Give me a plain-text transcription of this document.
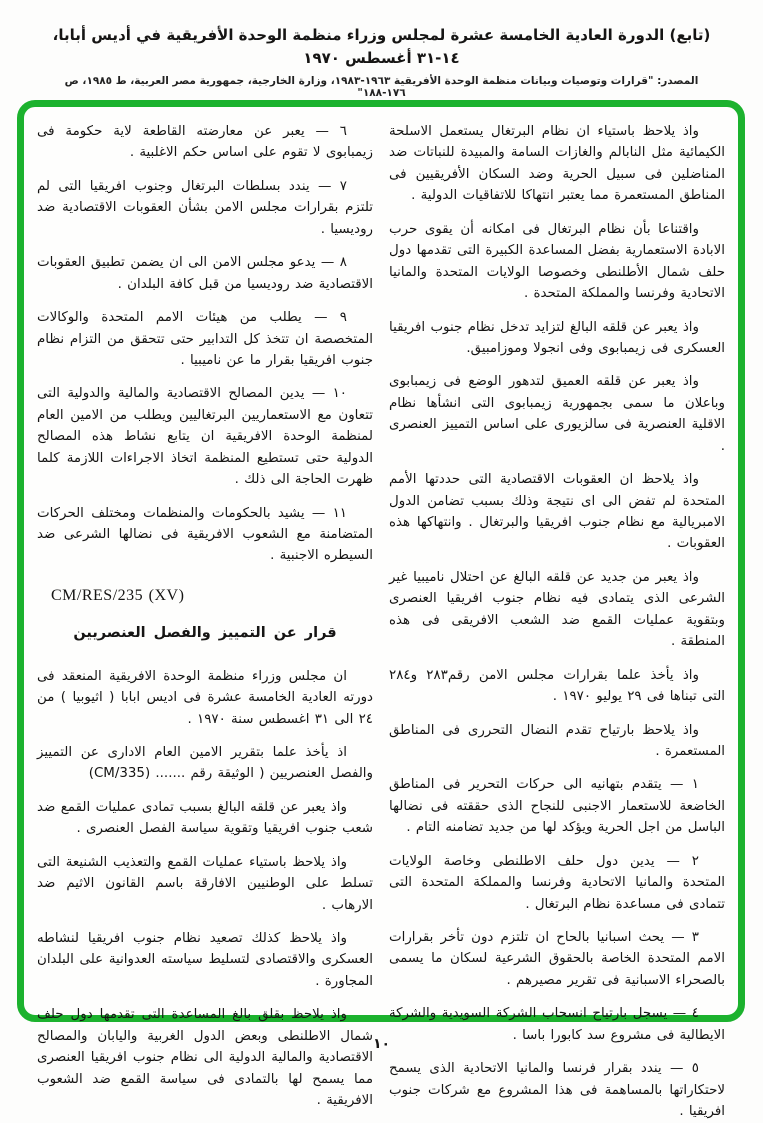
(تابع) الدورة العادية الخامسة عشرة لمجلس وزراء منظمة الوحدة الأفريقية في أديس أبابا، ١٤-٣١ أغسطس ١٩٧٠
المصدر: "قرارات وتوصيات وبيانات منظمة الوحدة الأفريقية ١٩٦٣-١٩٨٣، وزارة الخارجية، جمهورية مصر العربية، ط ١٩٨٥، ص ١٧٦-١٨٨"

واذ يلاحظ باستياء ان نظام البرتغال يستعمل الاسلحة الكيمائية مثل النابالم والغازات السامة والمبيدة للنباتات ضد المناضلين فى سبيل الحرية وضد السكان الأفريقيين فى المناطق المستعمرة مما يعتبر انتهاكا للاتفاقيات الدولية .

واقتناعا بأن نظام البرتغال فى امكانه أن يقوى حرب الابادة الاستعمارية بفضل المساعدة الكبيرة التى تقدمها دول حلف شمال الأطلنطى وخصوصا الولايات المتحدة والمانيا الاتحادية وفرنسا والمملكة المتحدة .

واذ يعبر عن قلقه البالغ لتزايد تدخل نظام جنوب افريقيا العسكرى فى زيمبابوى وفى انجولا وموزامبيق.

واذ يعبر عن قلقه العميق لتدهور الوضع فى زيمبابوى وباعلان ما سمى بجمهورية زيمبابوى التى انشأها نظام الاقلية العنصرية فى سالزيورى على اساس التمييز العنصرى .

واذ يلاحظ ان العقوبات الاقتصادية التى حددتها الأمم المتحدة لم تفض الى اى نتيجة وذلك بسبب تضامن الدول الامبريالية مع نظام جنوب افريقيا والبرتغال . وانتهاكها هذه العقوبات .

واذ يعبر من جديد عن قلقه البالغ عن احتلال ناميبيا غير الشرعى الذى يتمادى فيه نظام جنوب افريقيا العنصرى وبتقوية عمليات القمع ضد الشعب الافريقى فى هذه المنطقة .

واذ يأخذ علما بقرارات مجلس الامن رقم٢٨٣ و٢٨٤ التى تبناها فى ٢٩ يوليو ١٩٧٠ .

واذ يلاحظ بارتياح تقدم النضال التحررى فى المناطق المستعمرة .

١ — يتقدم بتهانيه الى حركات التحرير فى المناطق الخاضعة للاستعمار الاجنبى للنجاح الذى حققته فى نضالها الباسل من اجل الحرية ويؤكد لها من جديد تضامنه التام .

٢ — يدين دول حلف الاطلنطى وخاصة الولايات المتحدة والمانيا الاتحادية وفرنسا والمملكة المتحدة التى تتمادى فى مساعدة نظام البرتغال .

٣ — يحث اسبانيا بالحاح ان تلتزم دون تأخر بقرارات الامم المتحدة الخاصة بالحقوق الشرعية لسكان ما يسمى بالصحراء الاسبانية فى تقرير مصيرهم .

٤ — يسجل بارتياح انسحاب الشركة السويدية والشركة الايطالية فى مشروع سد كابورا باسا .

٥ — يندد بقرار فرنسا والمانيا الاتحادية الذى يسمح لاحتكاراتها بالمساهمة فى هذا المشروع مع شركات جنوب افريقيا .

٦ — يعبر عن معارضته القاطعة لاية حكومة فى زيمبابوى لا تقوم على اساس حكم الاغلبية .

٧ — يندد بسلطات البرتغال وجنوب افريقيا التى لم تلتزم بقرارات مجلس الامن بشأن العقوبات الاقتصادية ضد روديسيا .

٨ — يدعو مجلس الامن الى ان يضمن تطبيق العقوبات الاقتصادية ضد روديسيا من قبل كافة البلدان .

٩ — يطلب من هيئات الامم المتحدة والوكالات المتخصصة ان تتخذ كل التدابير حتى تتحقق من التزام نظام جنوب افريقيا بقرار ما عن ناميبيا .

١٠ — يدين المصالح الاقتصادية والمالية والدولية التى تتعاون مع الاستعماريين البرتغاليين ويطلب من الامين العام لمنظمة الوحدة الافريقية ان يتابع نشاط هذه المصالح الدولية حتى تستطيع المنظمة اتخاذ الاجراءات اللازمة كلما ظهرت الحاجة الى ذلك .

١١ — يشيد بالحكومات والمنظمات ومختلف الحركات المتضامنة مع الشعوب الافريقية فى نضالها الشرعى ضد السيطره الاجنبية .

CM/RES/235 (XV)

قرار عن التمييز والفصل العنصريين

ان مجلس وزراء منظمة الوحدة الافريقية المنعقد فى دورته العادية الخامسة عشرة فى اديس ابابا ( اثيوبيا ) من ٢٤ الى ٣١ اغسطس سنة ١٩٧٠ .

اذ يأخذ علما بتقرير الامين العام الادارى عن التمييز والفصل العنصريين ( الوثيقة رقم ....... (CM/335)

واذ يعبر عن قلقه البالغ بسبب تمادى عمليات القمع ضد شعب جنوب افريقيا وتقوية سياسة الفصل العنصرى .

واذ يلاحظ باستياء عمليات القمع والتعذيب الشنيعة التى تسلط على الوطنيين الافارقة باسم القانون الاثيم ضد الارهاب .

واذ يلاحظ كذلك تصعيد نظام جنوب افريقيا لنشاطه العسكرى والاقتصادى لتسليط سياسته العدوانية على البلدان المجاورة .

واذ يلاحظ بقلق بالغ المساعدة التى تقدمها دول حلف شمال الاطلنطى وبعض الدول الغربية واليابان والمصالح الاقتصادية والمالية الدولية الى نظام جنوب افريقيا العنصرى مما يسمح لها بالتمادى فى سياسة القمع ضد الشعوب الافريقية .

١٠
